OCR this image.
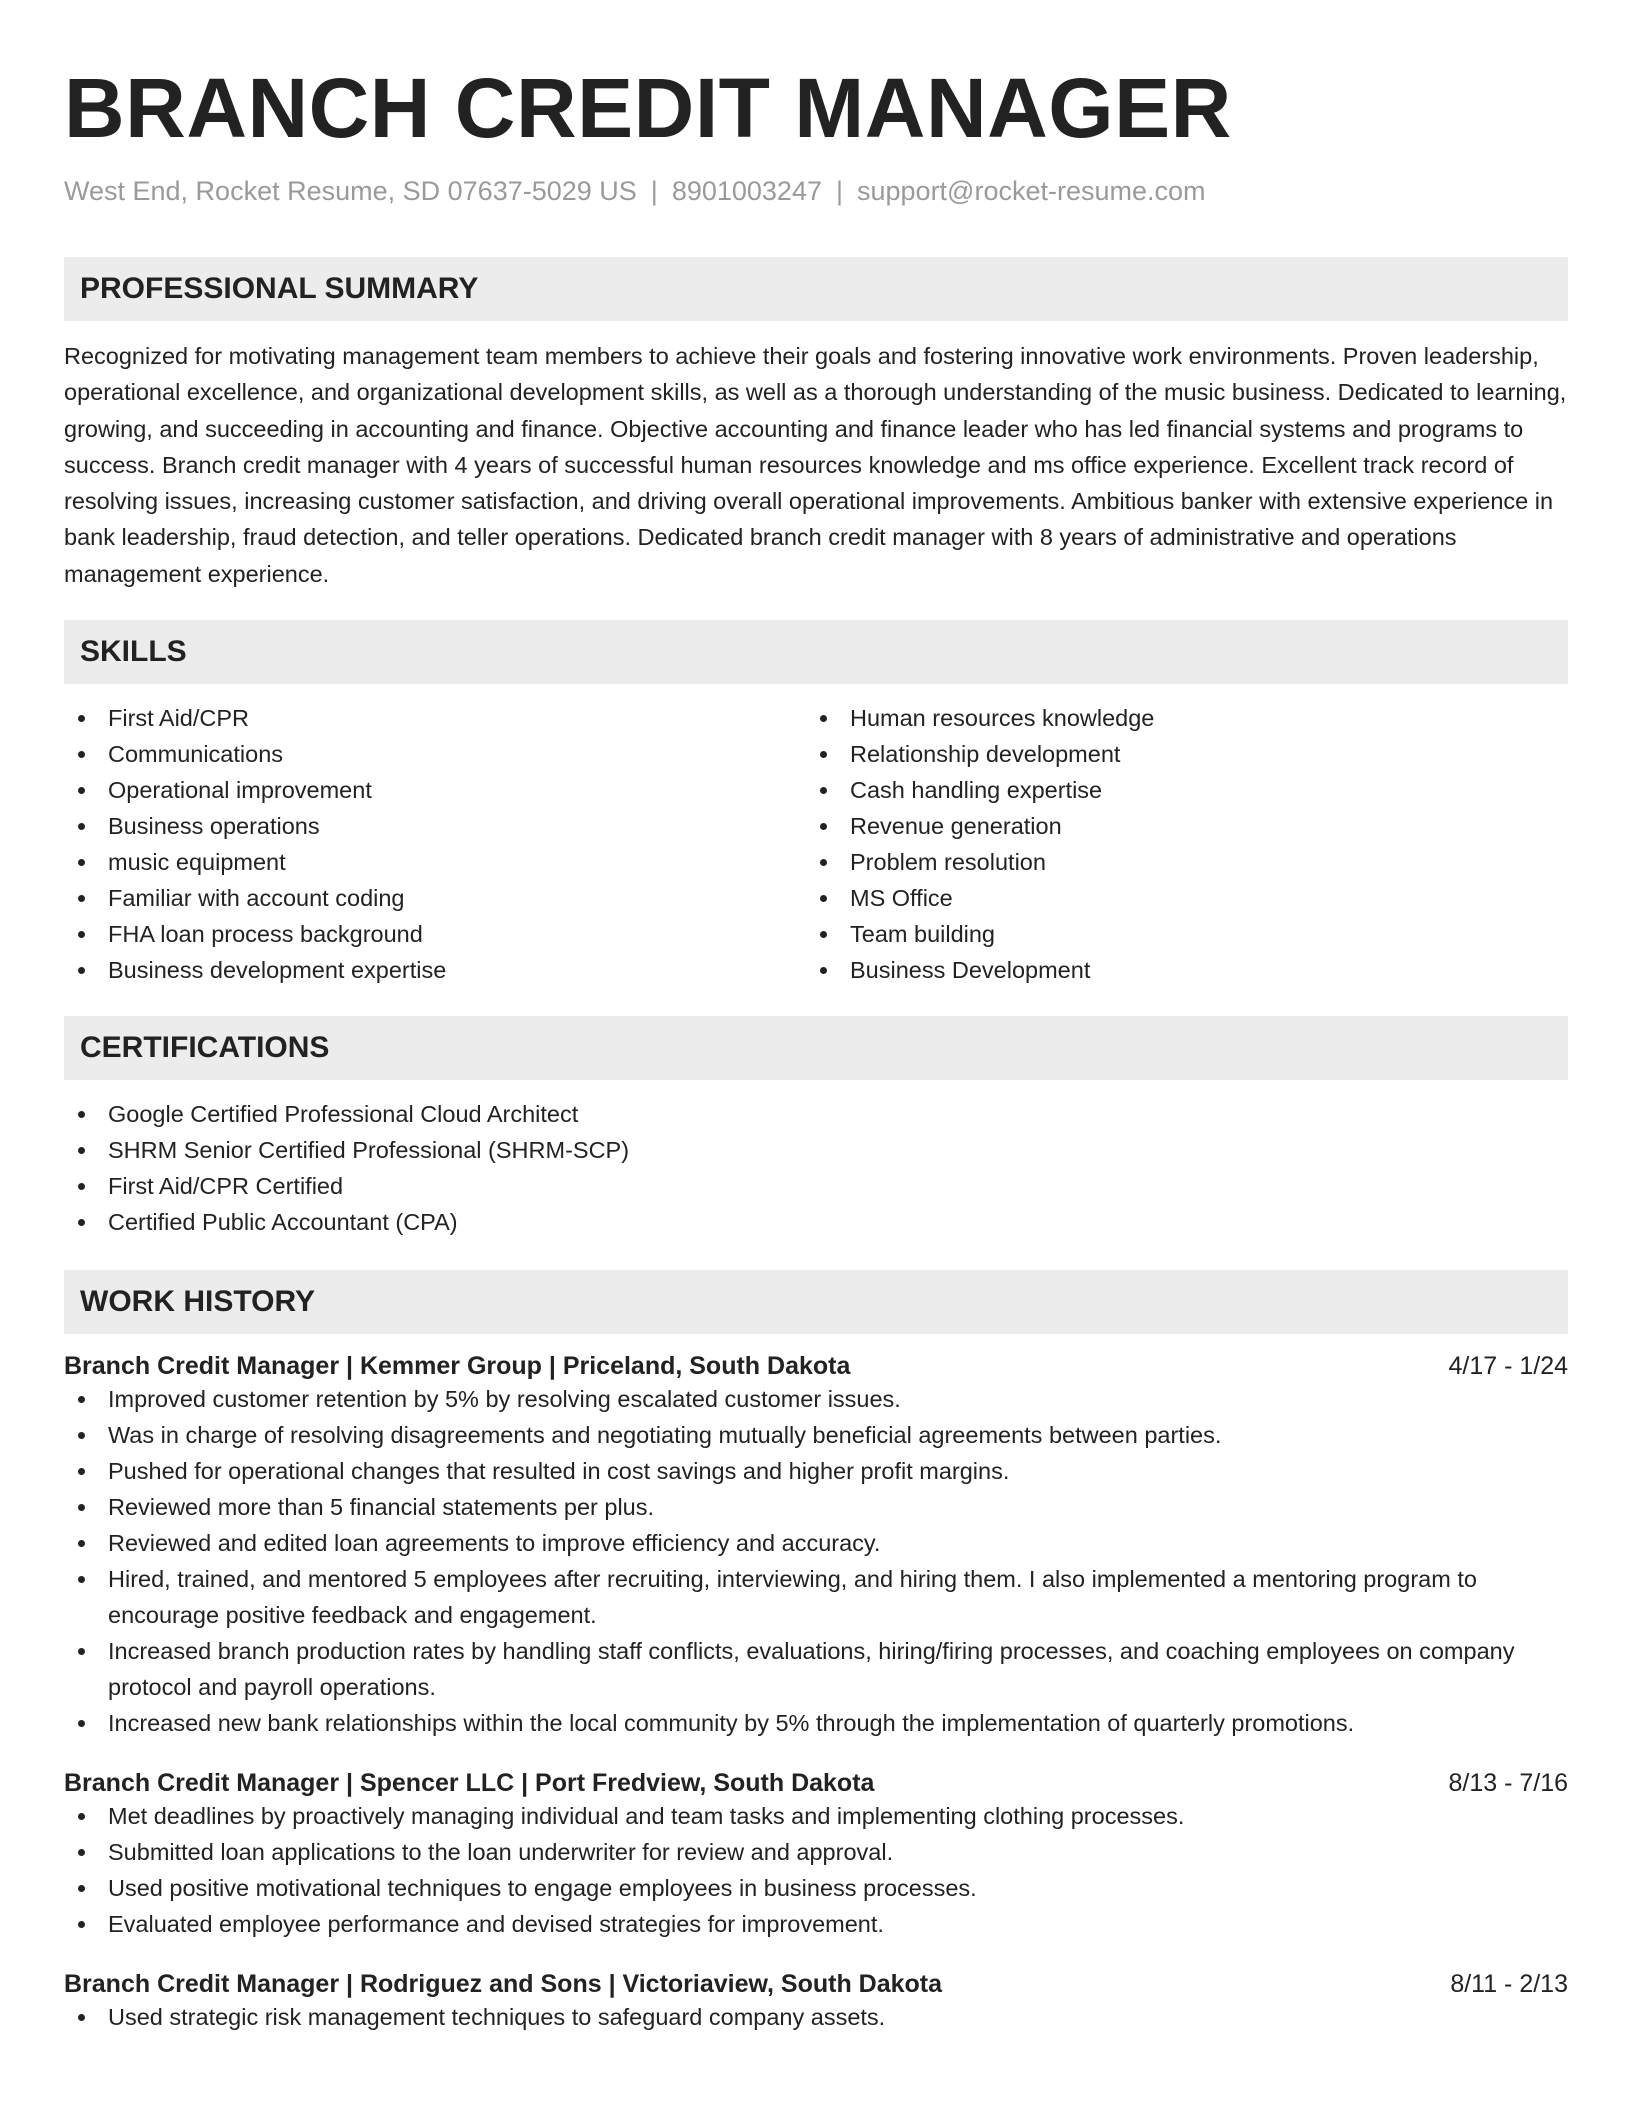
BRANCH CREDIT MANAGER
West End, Rocket Resume, SD 07637-5029 US | 8901003247 | support@rocket-resume.com
PROFESSIONAL SUMMARY

Recognized for motivating management team members to achieve their goals and fostering innovative work environments. Proven leadership, operational excellence, and organizational development skills, as well as a thorough understanding of the music business. Dedicated to learning, growing, and succeeding in accounting and finance. Objective accounting and finance leader who has led financial systems and programs to success. Branch credit manager with 4 years of successful human resources knowledge and ms office experience. Excellent track record of resolving issues, increasing customer satisfaction, and driving overall operational improvements. Ambitious banker with extensive experience in bank leadership, fraud detection, and teller operations. Dedicated branch credit manager with 8 years of administrative and operations management experience.

SKILLS
First Aid/CPR
Communications
Operational improvement
Business operations
music equipment
Familiar with account coding
FHA loan process background
Business development expertise
Human resources knowledge
Relationship development
Cash handling expertise
Revenue generation
Problem resolution
MS Office
Team building
Business Development
CERTIFICATIONS
Google Certified Professional Cloud Architect
SHRM Senior Certified Professional (SHRM-SCP)
First Aid/CPR Certified
Certified Public Accountant (CPA)
WORK HISTORY
Branch Credit Manager | Kemmer Group | Priceland, South Dakota	4/17 - 1/24
Improved customer retention by 5% by resolving escalated customer issues.
Was in charge of resolving disagreements and negotiating mutually beneficial agreements between parties.
Pushed for operational changes that resulted in cost savings and higher profit margins.
Reviewed more than 5 financial statements per plus.
Reviewed and edited loan agreements to improve efficiency and accuracy.
Hired, trained, and mentored 5 employees after recruiting, interviewing, and hiring them. I also implemented a mentoring program to encourage positive feedback and engagement.
Increased branch production rates by handling staff conflicts, evaluations, hiring/firing processes, and coaching employees on company protocol and payroll operations.
Increased new bank relationships within the local community by 5% through the implementation of quarterly promotions.
Branch Credit Manager | Spencer LLC | Port Fredview, South Dakota	8/13 - 7/16
Met deadlines by proactively managing individual and team tasks and implementing clothing processes.
Submitted loan applications to the loan underwriter for review and approval.
Used positive motivational techniques to engage employees in business processes.
Evaluated employee performance and devised strategies for improvement.
Branch Credit Manager | Rodriguez and Sons | Victoriaview, South Dakota	8/11 - 2/13
Used strategic risk management techniques to safeguard company assets.
